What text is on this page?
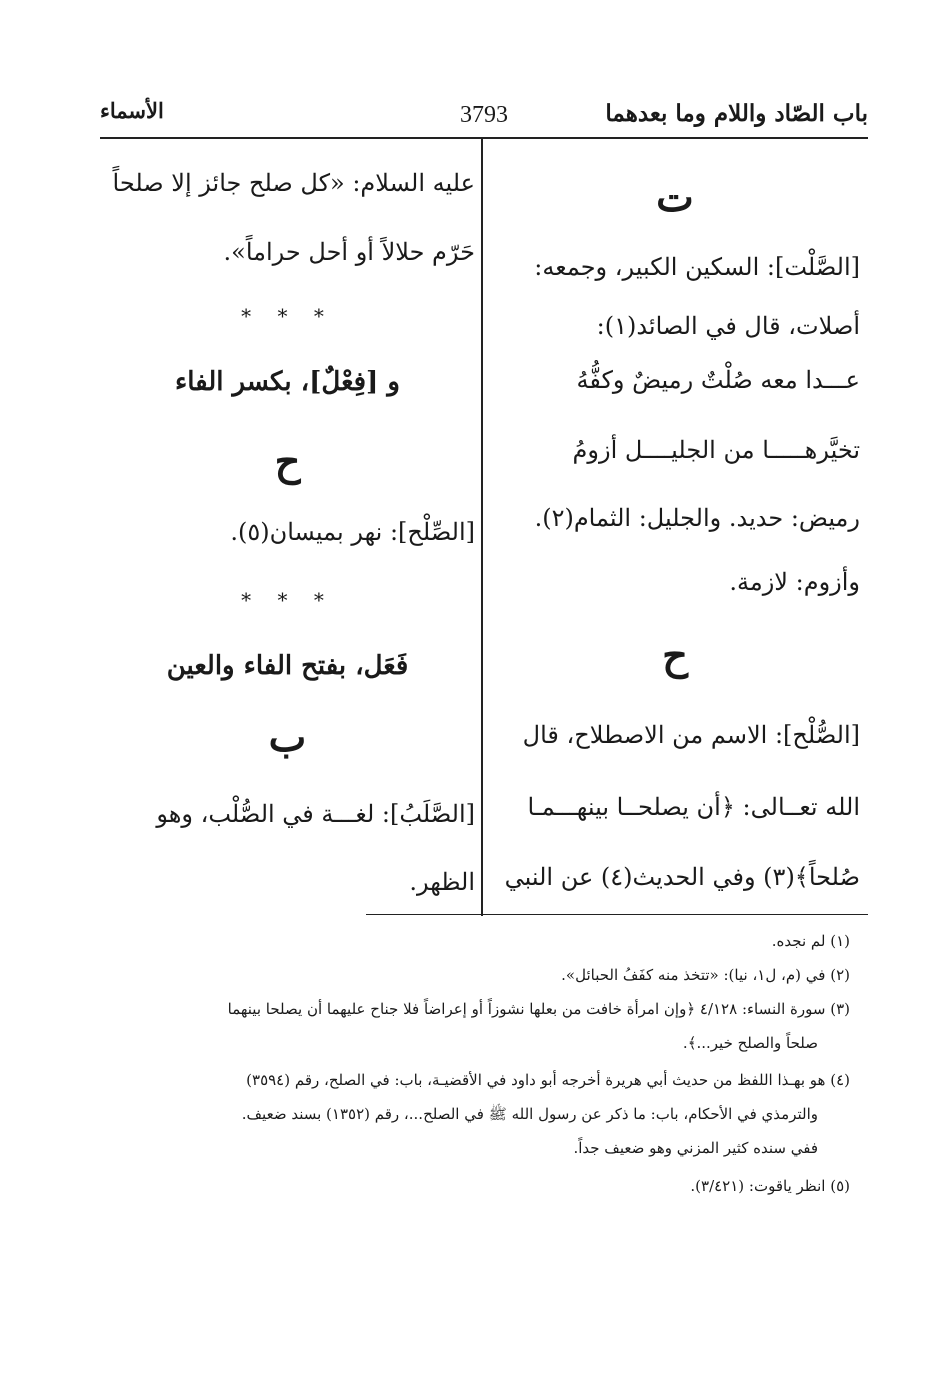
باب الصّاد واللام وما بعدهما
3793
الأسماء
ت
[الصَّلْت]: السكين الكبير، وجمعه:
أصلات، قال في الصائد(١):
عـــدا معه صُلْتٌ رميضٌ وكفُّهُ
تخيَّرهـــــا من الجليــــل أزومُ
رميض: حديد. والجليل: الثمام(٢).
وأزوم: لازمة.
ح
[الصُّلْح]: الاسم من الاصطلاح، قال
الله تعــالى: ﴿أن يصلحــا بينهـــمـا
صُلحاً﴾(٣) وفي الحديث(٤) عن النبي
عليه السلام: «كل صلح جائز إلا صلحاً
حَرّم حلالاً أو أحل حراماً».
* * *
و [فِعْلٌ]، بكسر الفاء
ح
[الصِّلْح]: نهر بميسان(٥).
* * *
فَعَل، بفتح الفاء والعين
ب
[الصَّلَبُ]: لغـــة في الصُّلْب، وهو
الظهر.
(١) لم نجده.
(٢) في (م، ل١، نيا): «تتخذ منه كفَفُ الحبائل».
(٣) سورة النساء: ٤/١٢٨ ﴿وإن امرأة خافت من بعلها نشوزاً أو إعراضاً فلا جناح عليهما أن يصلحا بينهما
صلحاً والصلح خير...﴾.
(٤) هو بهـذا اللفظ من حديث أبي هريرة أخرجه أبو داود في الأقضيـة، باب: في الصلح، رقم (٣٥٩٤)
والترمذي في الأحكام، باب: ما ذكر عن رسول الله ﷺ في الصلح...، رقم (١٣٥٢) بسند ضعيف.
ففي سنده كثير المزني وهو ضعيف جداً.
(٥) انظر ياقوت: (٣/٤٢١).
